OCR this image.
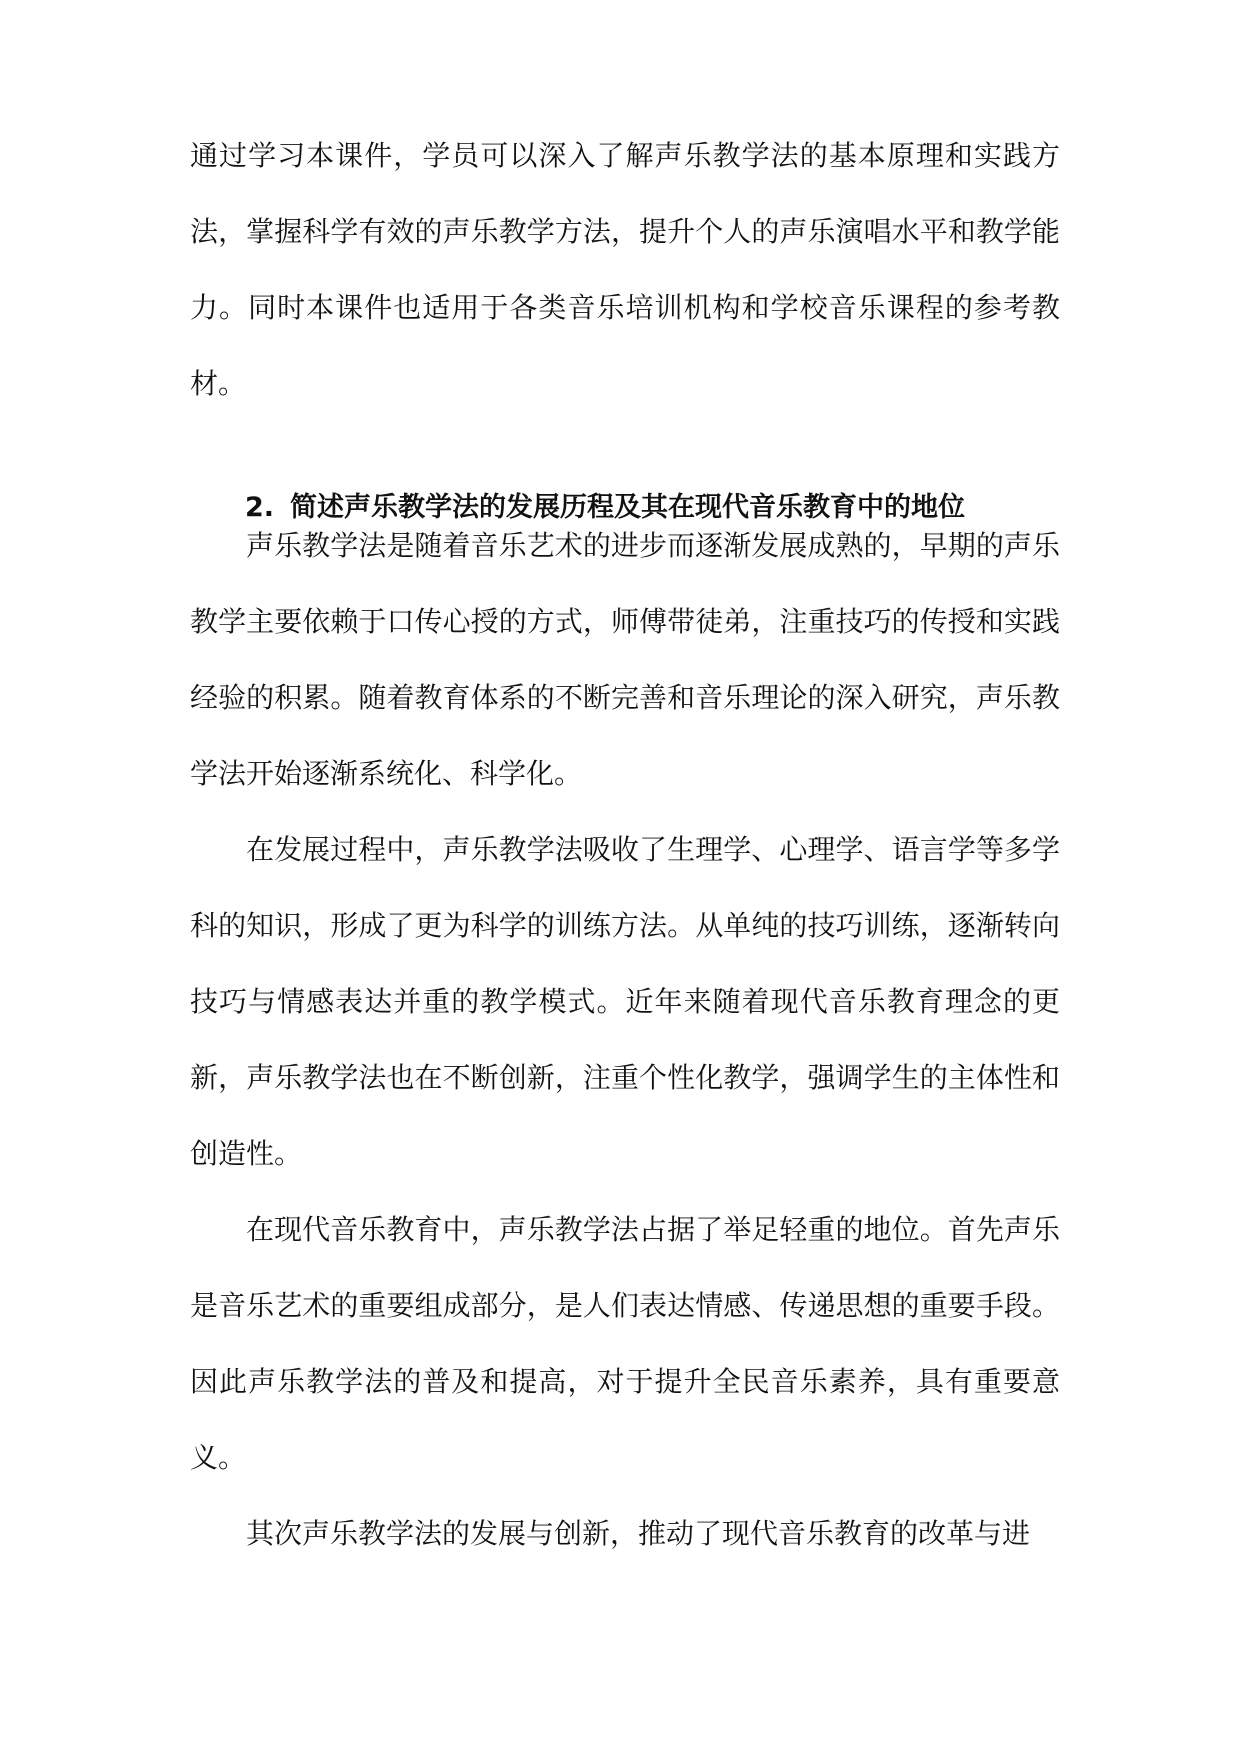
通过学习本课件，学员可以深入了解声乐教学法的基本原理和实践方法，掌握科学有效的声乐教学方法，提升个人的声乐演唱水平和教学能力。同时本课件也适用于各类音乐培训机构和学校音乐课程的参考教材。

2. 简述声乐教学法的发展历程及其在现代音乐教育中的地位

声乐教学法是随着音乐艺术的进步而逐渐发展成熟的，早期的声乐教学主要依赖于口传心授的方式，师傅带徒弟，注重技巧的传授和实践经验的积累。随着教育体系的不断完善和音乐理论的深入研究，声乐教学法开始逐渐系统化、科学化。

在发展过程中，声乐教学法吸收了生理学、心理学、语言学等多学科的知识，形成了更为科学的训练方法。从单纯的技巧训练，逐渐转向技巧与情感表达并重的教学模式。近年来随着现代音乐教育理念的更新，声乐教学法也在不断创新，注重个性化教学，强调学生的主体性和创造性。

在现代音乐教育中，声乐教学法占据了举足轻重的地位。首先声乐是音乐艺术的重要组成部分，是人们表达情感、传递思想的重要手段。因此声乐教学法的普及和提高，对于提升全民音乐素养，具有重要意义。

其次声乐教学法的发展与创新，推动了现代音乐教育的改革与进
